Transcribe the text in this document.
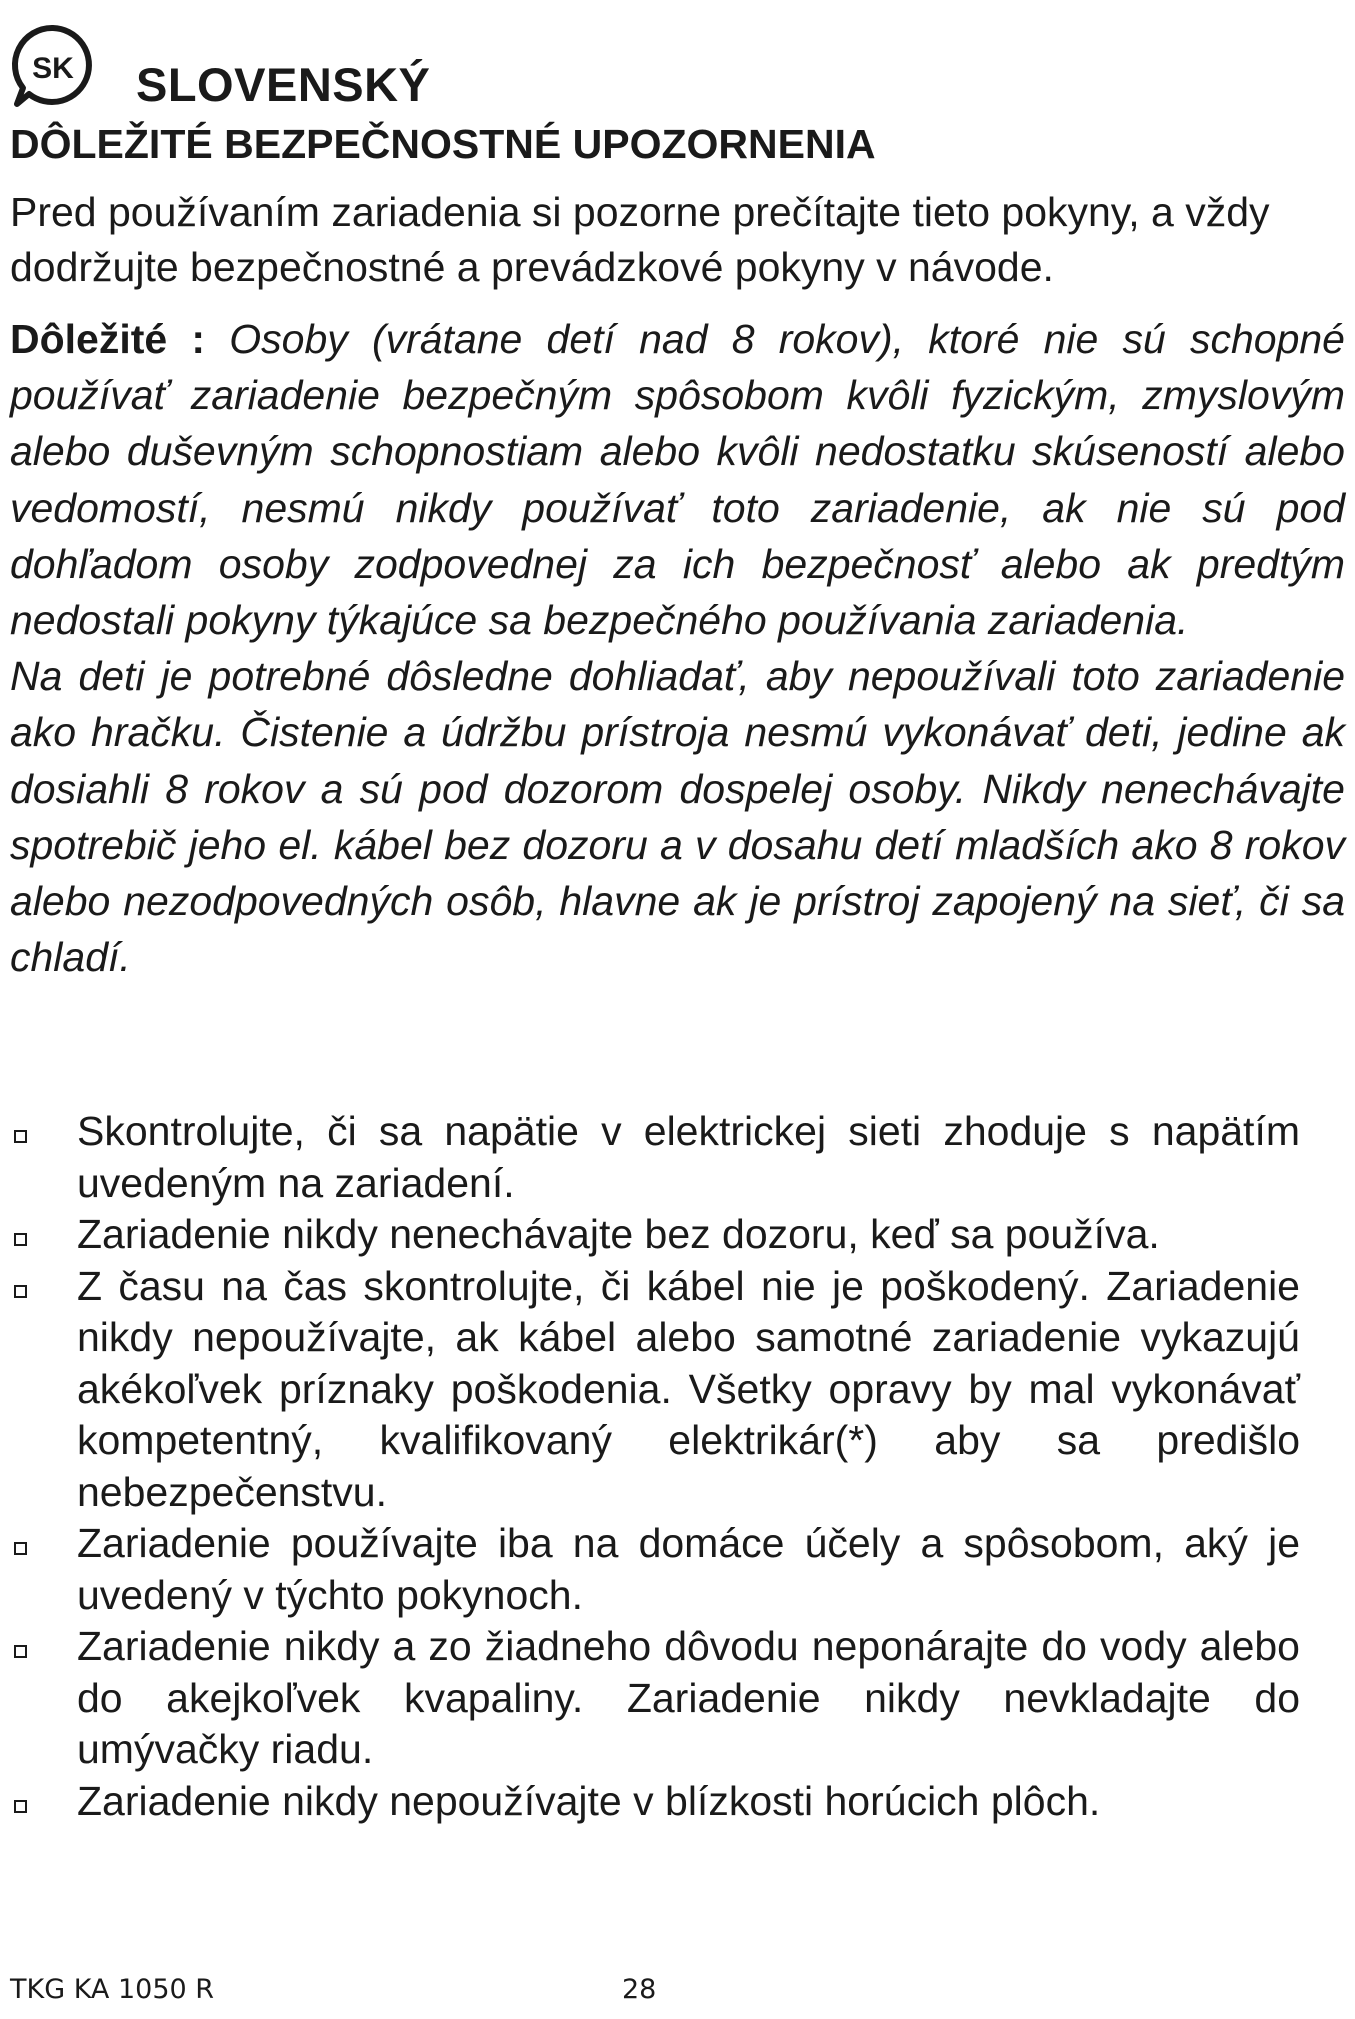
SK SLOVENSKÝ
DÔLEŽITÉ BEZPEČNOSTNÉ UPOZORNENIA

Pred používaním zariadenia si pozorne prečítajte tieto pokyny, a vždy dodržujte bezpečnostné a prevádzkové pokyny v návode.

Dôležité : Osoby (vrátane detí nad 8 rokov), ktoré nie sú schopné používať zariadenie bezpečným spôsobom kvôli fyzickým, zmyslovým alebo duševným schopnostiam alebo kvôli nedostatku skúseností alebo vedomostí, nesmú nikdy používať toto zariadenie, ak nie sú pod dohľadom osoby zodpovednej za ich bezpečnosť alebo ak predtým nedostali pokyny týkajúce sa bezpečného používania zariadenia.
Na deti je potrebné dôsledne dohliadať, aby nepoužívali toto zariadenie ako hračku. Čistenie a údržbu prístroja nesmú vykonávať deti, jedine ak dosiahli 8 rokov a sú pod dozorom dospelej osoby. Nikdy nenechávajte spotrebič jeho el. kábel bez dozoru a v dosahu detí mladších ako 8 rokov alebo nezodpovedných osôb, hlavne ak je prístroj zapojený na sieť, či sa chladí.

Skontrolujte, či sa napätie v elektrickej sieti zhoduje s napätím uvedeným na zariadení.
Zariadenie nikdy nenechávajte bez dozoru, keď sa používa.
Z času na čas skontrolujte, či kábel nie je poškodený. Zariadenie nikdy nepoužívajte, ak kábel alebo samotné zariadenie vykazujú akékoľvek príznaky poškodenia. Všetky opravy by mal vykonávať kompetentný, kvalifikovaný elektrikár(*) aby sa predišlo nebezpečenstvu.
Zariadenie používajte iba na domáce účely a spôsobom, aký je uvedený v týchto pokynoch.
Zariadenie nikdy a zo žiadneho dôvodu neponárajte do vody alebo do akejkoľvek kvapaliny. Zariadenie nikdy nevkladajte do umývačky riadu.
Zariadenie nikdy nepoužívajte v blízkosti horúcich plôch.
TKG KA 1050 R	28
